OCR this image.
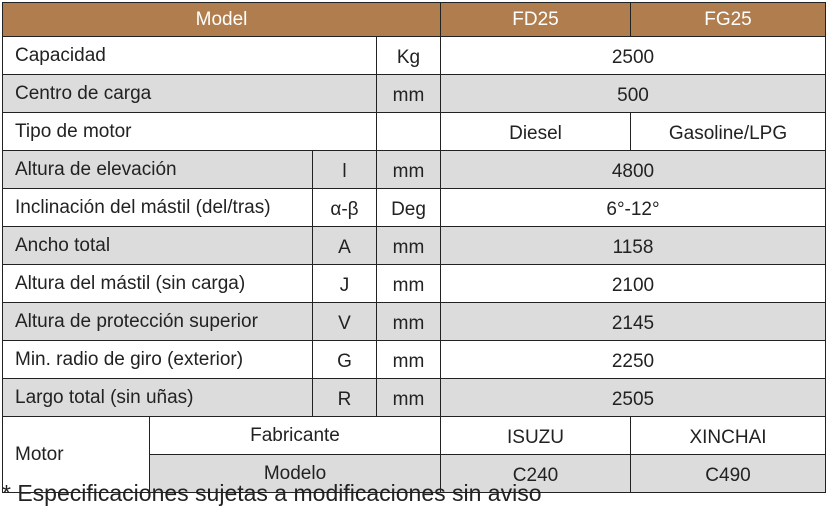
Model				FD25	FG25
Capacidad			Kg	2500	
Centro de carga			mm	500	
Tipo de motor				Diesel	Gasoline/LPG
Altura de elevación		l	mm	4800	
Inclinación del mástil (del/tras)		α-β	Deg	6°-12°	
Ancho total		A	mm	1158	
Altura del mástil (sin carga)		J	mm	2100	
Altura de protección superior		V	mm	2145	
Min. radio de giro (exterior)		G	mm	2250	
Largo total (sin uñas)		R	mm	2505	
Motor	Fabricante			ISUZU	XINCHAI
	Modelo			C240	C490
* Especificaciones sujetas a modificaciones sin aviso
